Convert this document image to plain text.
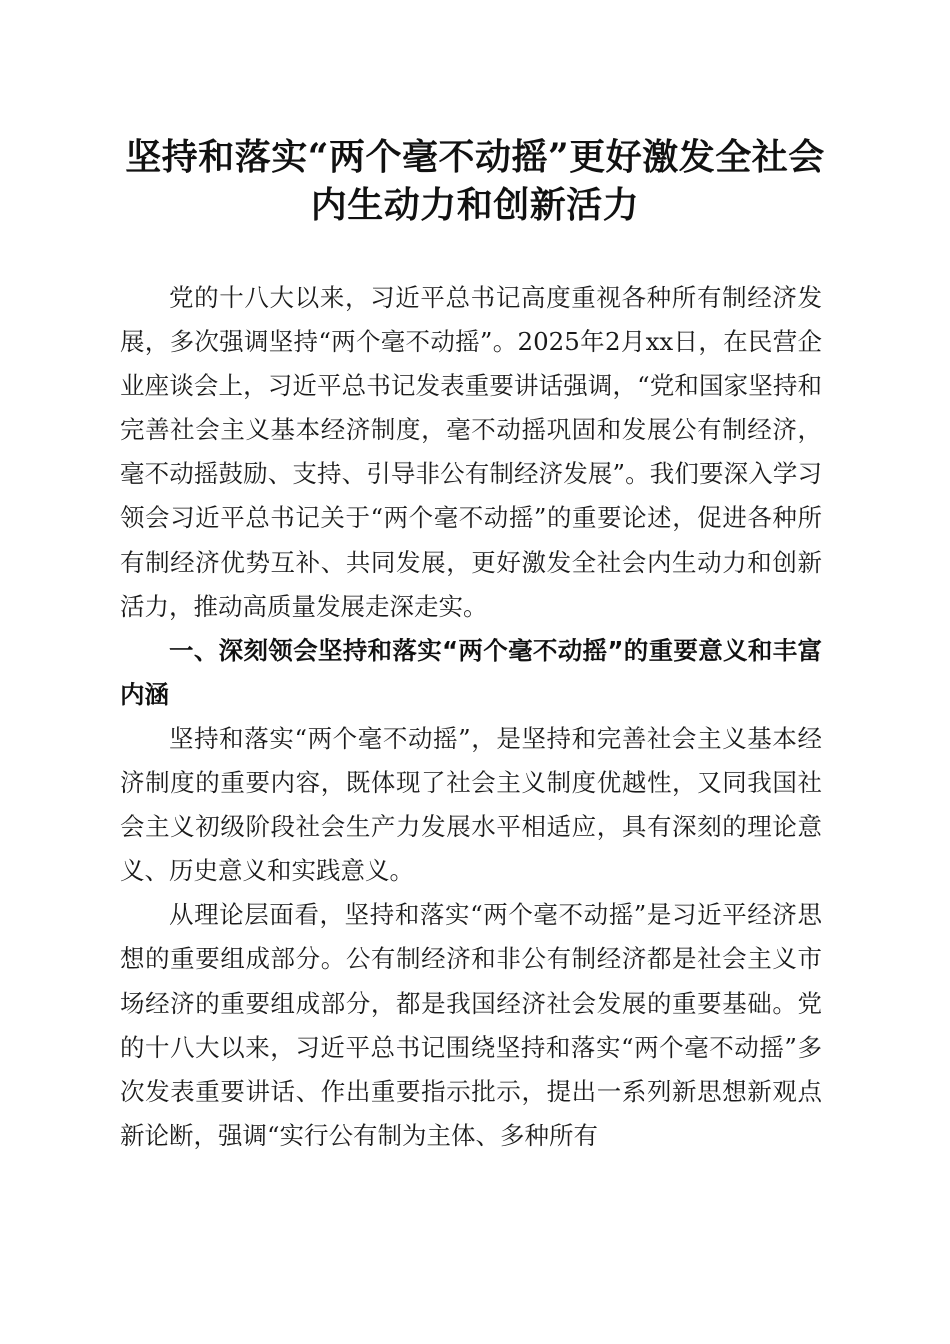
坚持和落实“两个毫不动摇”更好激发全社会
内生动力和创新活力

党的十八大以来，习近平总书记高度重视各种所有制经济发展，多次强调坚持“两个毫不动摇”。2025年2月xx日，在民营企业座谈会上，习近平总书记发表重要讲话强调，“党和国家坚持和完善社会主义基本经济制度，毫不动摇巩固和发展公有制经济，毫不动摇鼓励、支持、引导非公有制经济发展”。我们要深入学习领会习近平总书记关于“两个毫不动摇”的重要论述，促进各种所有制经济优势互补、共同发展，更好激发全社会内生动力和创新活力，推动高质量发展走深走实。

一、深刻领会坚持和落实“两个毫不动摇”的重要意义和丰富内涵

坚持和落实“两个毫不动摇”，是坚持和完善社会主义基本经济制度的重要内容，既体现了社会主义制度优越性，又同我国社会主义初级阶段社会生产力发展水平相适应，具有深刻的理论意义、历史意义和实践意义。

从理论层面看，坚持和落实“两个毫不动摇”是习近平经济思想的重要组成部分。公有制经济和非公有制经济都是社会主义市场经济的重要组成部分，都是我国经济社会发展的重要基础。党的十八大以来，习近平总书记围绕坚持和落实“两个毫不动摇”多次发表重要讲话、作出重要指示批示，提出一系列新思想新观点新论断，强调“实行公有制为主体、多种所有
